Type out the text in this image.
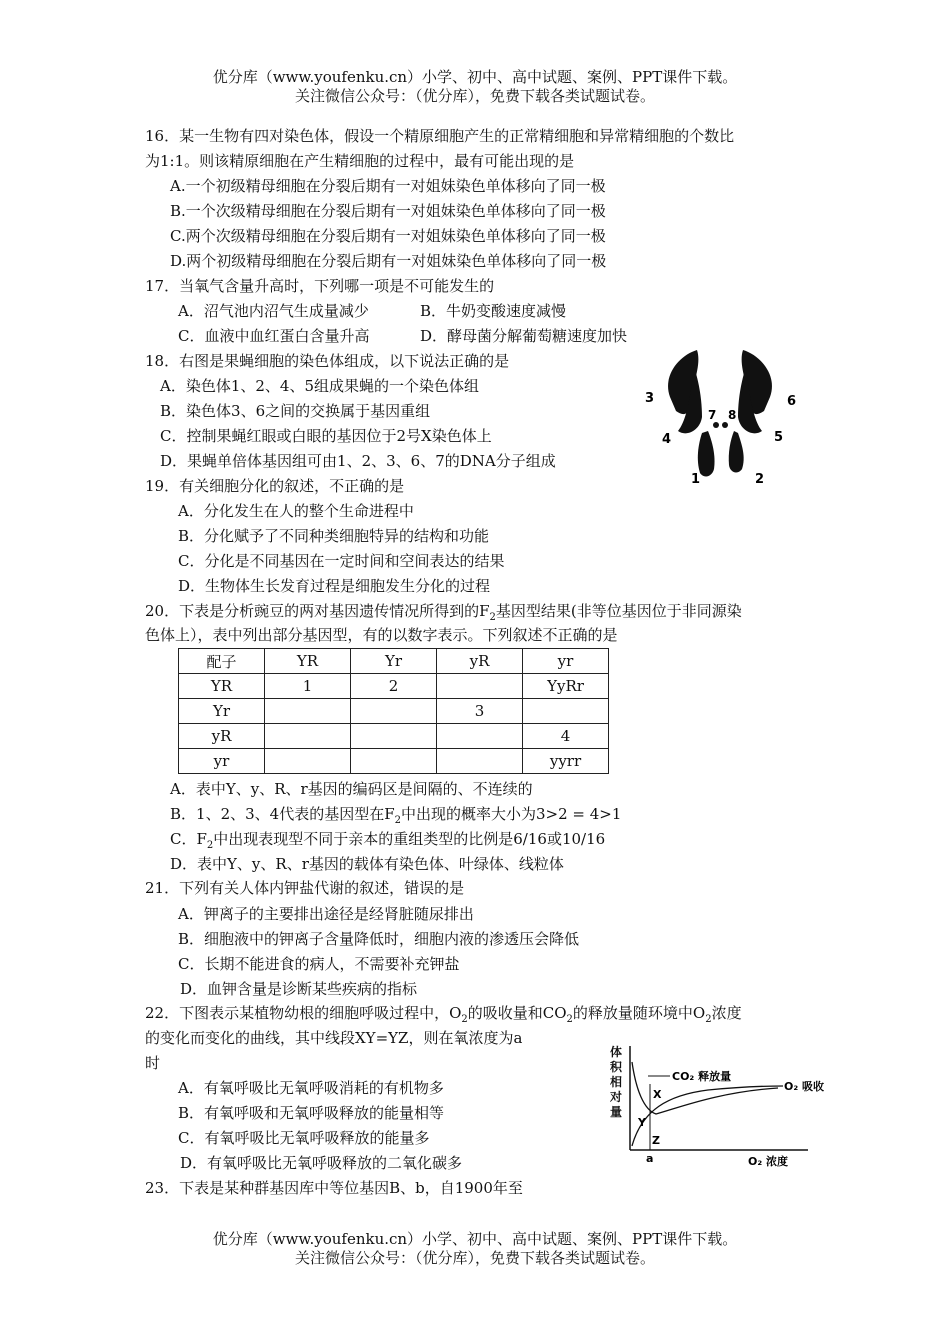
优分库（www.youfenku.cn）小学、初中、高中试题、案例、PPT课件下载。
关注微信公众号：（优分库），免费下载各类试题试卷。
16．某一生物有四对染色体，假设一个精原细胞产生的正常精细胞和异常精细胞的个数比
为1:1。则该精原细胞在产生精细胞的过程中，最有可能出现的是
A.一个初级精母细胞在分裂后期有一对姐妹染色单体移向了同一极
B.一个次级精母细胞在分裂后期有一对姐妹染色单体移向了同一极
C.两个次级精母细胞在分裂后期有一对姐妹染色单体移向了同一极
D.两个初级精母细胞在分裂后期有一对姐妹染色单体移向了同一极
17．当氧气含量升高时，下列哪一项是不可能发生的
A．沼气池内沼气生成量减少	B．牛奶变酸速度减慢
C．血液中血红蛋白含量升高	D．酵母菌分解葡萄糖速度加快
18．右图是果蝇细胞的染色体组成，以下说法正确的是
A．染色体1、2、4、5组成果蝇的一个染色体组
B．染色体3、6之间的交换属于基因重组
C．控制果蝇红眼或白眼的基因位于2号X染色体上
D．果蝇单倍体基因组可由1、2、3、6、7的DNA分子组成
1	2
3
4	5
6
7 8
19．有关细胞分化的叙述，不正确的是
A．分化发生在人的整个生命进程中
B．分化赋予了不同种类细胞特异的结构和功能
C．分化是不同基因在一定时间和空间表达的结果
D．生物体生长发育过程是细胞发生分化的过程
20．下表是分析豌豆的两对基因遗传情况所得到的$F_2$基因型结果(非等位基因位于非同源染
色体上），表中列出部分基因型，有的以数字表示。下列叙述不正确的是
配子	YR	Yr	yR	yr
YR	1	2		YyRr
Yr			3	
yR				4
yr				yyrr
A．表中Y、y、R、r基因的编码区是间隔的、不连续的
B．1、2、3、4代表的基因型在$F_2$中出现的概率大小为3>2 = 4>1
C．$F_2$中出现表现型不同于亲本的重组类型的比例是6/16或10/16
D．表中Y、y、R、r基因的载体有染色体、叶绿体、线粒体
21．下列有关人体内钾盐代谢的叙述，错误的是
A．钾离子的主要排出途径是经肾脏随尿排出
B．细胞液中的钾离子含量降低时，细胞内液的渗透压会降低
C．长期不能进食的病人，不需要补充钾盐
D．血钾含量是诊断某些疾病的指标
22．下图表示某植物幼根的细胞呼吸过程中，$O_2$的吸收量和$CO_2$的释放量随环境中$O_2$浓度
的变化而变化的曲线，其中线段XY=YZ，则在氧浓度为a
时
A．有氧呼吸比无氧呼吸消耗的有机物多
B．有氧呼吸和无氧呼吸释放的能量相等
C．有氧呼吸比无氧呼吸释放的能量多
D．有氧呼吸比无氧呼吸释放的二氧化碳多
体
积
相
对
量
CO₂ 释放量
O₂ 吸收
X
Y
Z
a	O₂ 浓度
23．下表是某种群基因库中等位基因B、b，自1900年至
优分库（www.youfenku.cn）小学、初中、高中试题、案例、PPT课件下载。
关注微信公众号：（优分库），免费下载各类试题试卷。
